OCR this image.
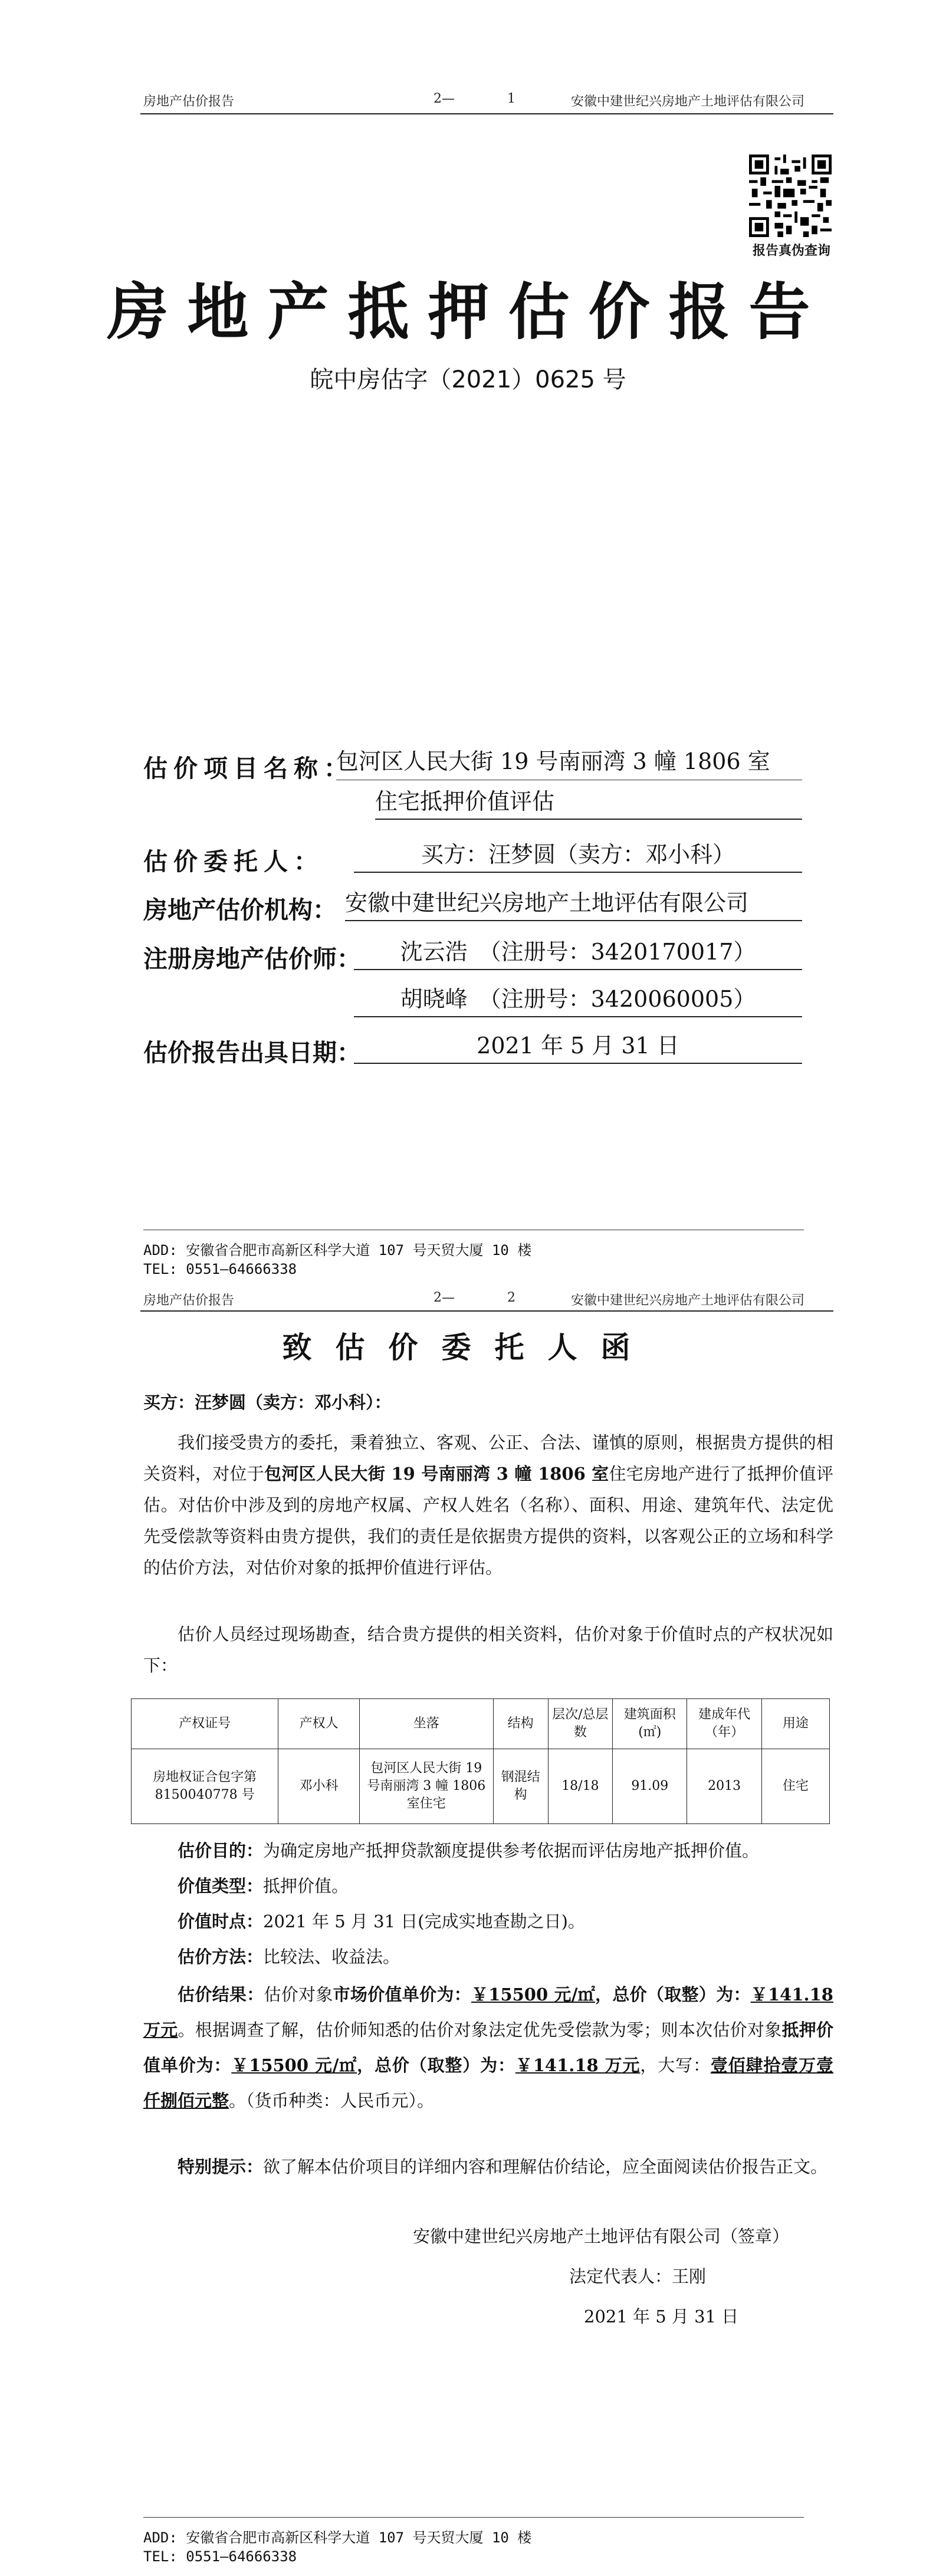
房地产估价报告	2—	1	安徽中建世纪兴房地产土地评估有限公司
报告真伪查询
房地产抵押估价报告
皖中房估字（2021）0625 号
估价项目名称：
包河区人民大街 19 号南丽湾 3 幢 1806 室
住宅抵押价值评估
估价委托人：	买方：汪梦圆（卖方：邓小科）
房地产估价机构： 安徽中建世纪兴房地产土地评估有限公司
注册房地产估价师：	沈云浩　（注册号：3420170017）
胡晓峰　（注册号：3420060005）
估价报告出具日期：	2021 年 5 月 31 日
ADD: 安徽省合肥市高新区科学大道 107 号天贸大厦 10 楼
TEL: 0551—64666338
房地产估价报告	2—	2	安徽中建世纪兴房地产土地评估有限公司
致估价委托人函
买方：汪梦圆（卖方：邓小科）：
我们接受贵方的委托，秉着独立、客观、公正、合法、谨慎的原则，根据贵方提供的相关资料，对位于包河区人民大街 19 号南丽湾 3 幢 1806 室住宅房地产进行了抵押价值评估。对估价中涉及到的房地产权属、产权人姓名（名称）、面积、用途、建筑年代、法定优先受偿款等资料由贵方提供，我们的责任是依据贵方提供的资料，以客观公正的立场和科学的估价方法，对估价对象的抵押价值进行评估。
估价人员经过现场勘查，结合贵方提供的相关资料，估价对象于价值时点的产权状况如下：
产权证号	产权人	坐落	结构	层次/总层数	建筑面积(㎡)	建成年代（年）	用途
房地权证合包字第 8150040778 号	邓小科	包河区人民大街 19 号南丽湾 3 幢 1806 室住宅	钢混结构	18/18	91.09	2013	住宅
估价目的：为确定房地产抵押贷款额度提供参考依据而评估房地产抵押价值。
价值类型：抵押价值。
价值时点：2021 年 5 月 31 日(完成实地查勘之日)。
估价方法：比较法、收益法。
估价结果：估价对象市场价值单价为：￥15500 元/㎡，总价（取整）为：￥141.18 万元。根据调查了解，估价师知悉的估价对象法定优先受偿款为零；则本次估价对象抵押价值单价为：￥15500 元/㎡，总价（取整）为：￥141.18 万元，大写：壹佰肆拾壹万壹仟捌佰元整。（货币种类：人民币元）。
特别提示：欲了解本估价项目的详细内容和理解估价结论，应全面阅读估价报告正文。
安徽中建世纪兴房地产土地评估有限公司（签章）
法定代表人：王刚
2021 年 5 月 31 日
ADD: 安徽省合肥市高新区科学大道 107 号天贸大厦 10 楼
TEL: 0551—64666338
